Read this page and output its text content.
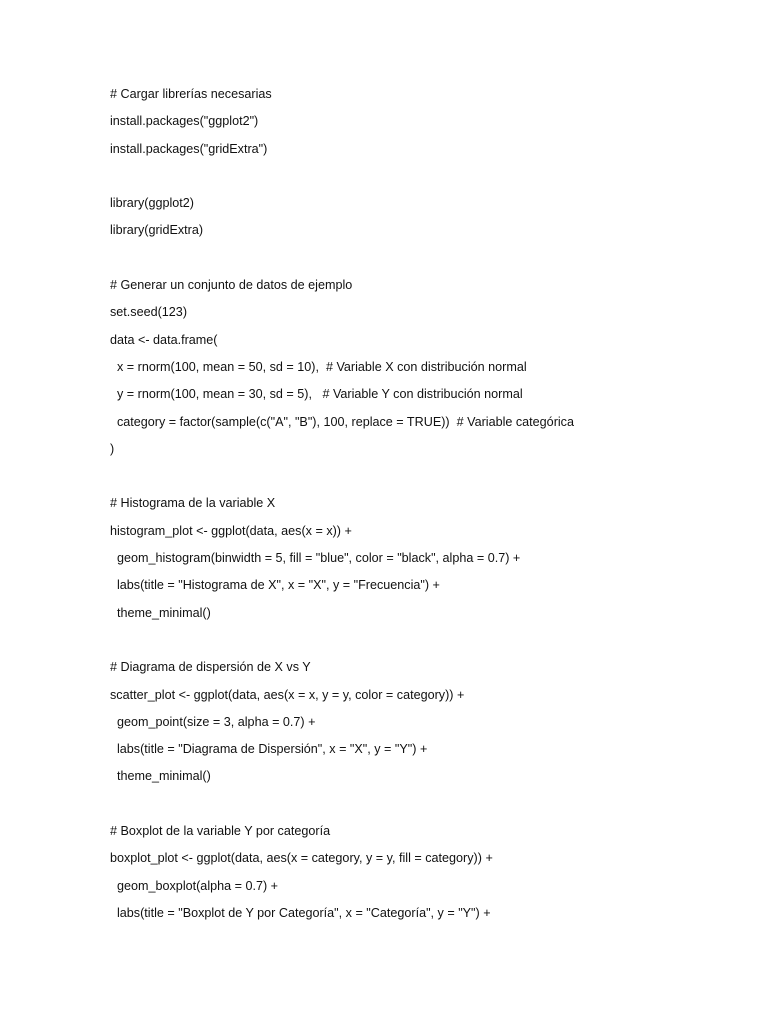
# Cargar librerías necesarias
install.packages("ggplot2")
install.packages("gridExtra")
library(ggplot2)
library(gridExtra)
# Generar un conjunto de datos de ejemplo
set.seed(123)
data <- data.frame(
x = rnorm(100, mean = 50, sd = 10),  # Variable X con distribución normal
y = rnorm(100, mean = 30, sd = 5),   # Variable Y con distribución normal
category = factor(sample(c("A", "B"), 100, replace = TRUE))  # Variable categórica
)
# Histograma de la variable X
histogram_plot <- ggplot(data, aes(x = x)) +
geom_histogram(binwidth = 5, fill = "blue", color = "black", alpha = 0.7) +
labs(title = "Histograma de X", x = "X", y = "Frecuencia") +
theme_minimal()
# Diagrama de dispersión de X vs Y
scatter_plot <- ggplot(data, aes(x = x, y = y, color = category)) +
geom_point(size = 3, alpha = 0.7) +
labs(title = "Diagrama de Dispersión", x = "X", y = "Y") +
theme_minimal()
# Boxplot de la variable Y por categoría
boxplot_plot <- ggplot(data, aes(x = category, y = y, fill = category)) +
geom_boxplot(alpha = 0.7) +
labs(title = "Boxplot de Y por Categoría", x = "Categoría", y = "Y") +
